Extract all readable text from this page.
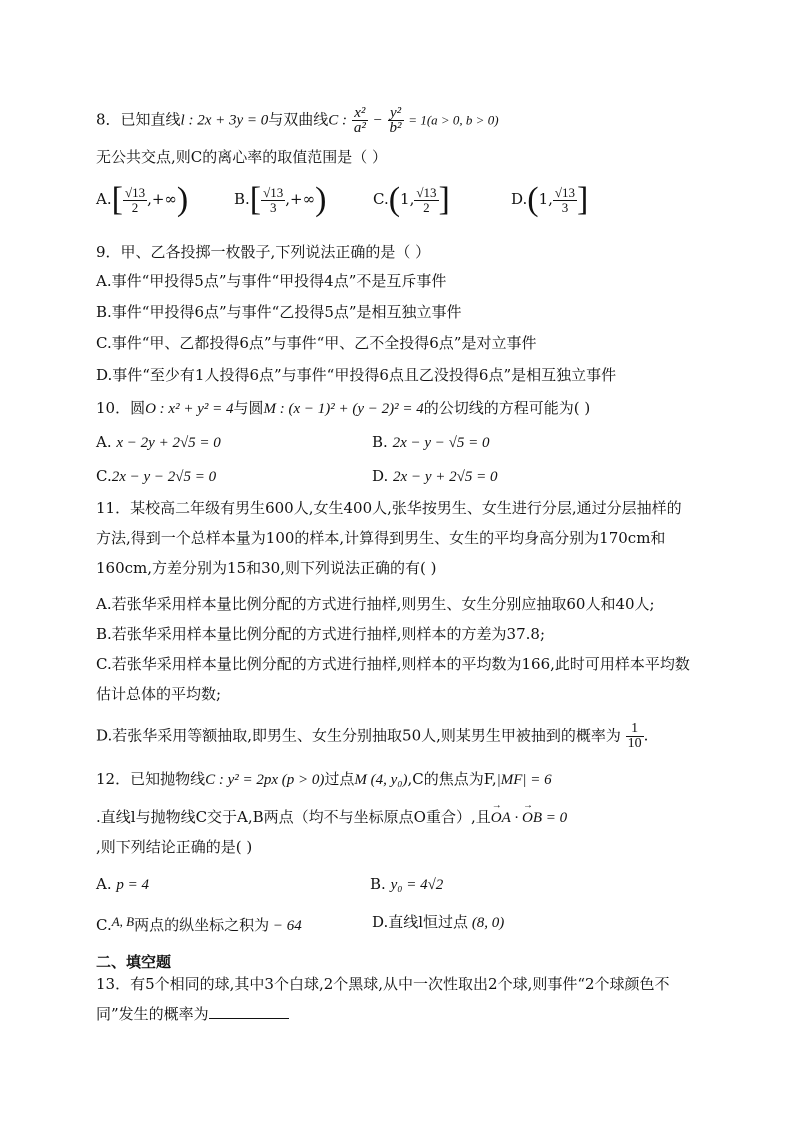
8．已知直线l : 2x + 3y = 0与双曲线C : $\frac{\text{x²}}{\text{a²}} - \frac{\text{y²}}{\text{b²}} = 1(a > 0$, b > 0)
无公共交点,则C的离心率的取值范围是（ ）
$A.[ \frac{√13}{2}$ ,+∞)	$B.[ \frac{√13}{3}$ ,+∞)	C.(1, $\frac{√13}{2}$ ]	D.(1, $\frac{√13}{3}$ ]
9．甲、乙各投掷一枚骰子,下列说法正确的是（ ）
A.事件“甲投得5点”与事件“甲投得4点”不是互斥事件
B.事件“甲投得6点”与事件“乙投得5点”是相互独立事件
C.事件“甲、乙都投得6点”与事件“甲、乙不全投得6点”是对立事件
D.事件“至少有1人投得6点”与事件“甲投得6点且乙没投得6点”是相互独立事件
10．圆O : x² + y² = 4与圆M : (x − 1)² + (y − 2)² = 4的公切线的方程可能为( )
A. x − 2y + 2√5 = 0	B. 2x − y − √5 = 0
C.2x − y − 2√5 = 0	D. 2x − y + 2√5 = 0
11．某校高二年级有男生600人,女生400人,张华按男生、女生进行分层,通过分层抽样的方法,得到一个总样本量为100的样本,计算得到男生、女生的平均身高分别为170cm和160cm,方差分别为15和30,则下列说法正确的有( )
A.若张华采用样本量比例分配的方式进行抽样,则男生、女生分别应抽取60人和40人;
B.若张华采用样本量比例分配的方式进行抽样,则样本的方差为37.8;
C.若张华采用样本量比例分配的方式进行抽样,则样本的平均数为166,此时可用样本平均数估计总体的平均数;
D.若张华采用等额抽取,即男生、女生分别抽取50人,则某男生甲被抽到的概率为 $\frac{1}{10}$ .
12．已知抛物线C : y² = 2px (p > 0)过点M (4, y₀),C的焦点为F,|MF| = 6
.直线l与抛物线C交于A,B两点（均不与坐标原点O重合）,且→ OA · → OB = 0
,则下列结论正确的是( )
A. p = 4	B. y₀ = 4√2
C.A, B两点的纵坐标之积为 − 64	D.直线l恒过点 (8, 0)
二、填空题
13．有5个相同的球,其中3个白球,2个黑球,从中一次性取出2个球,则事件“2个球颜色不同”发生的概率为
